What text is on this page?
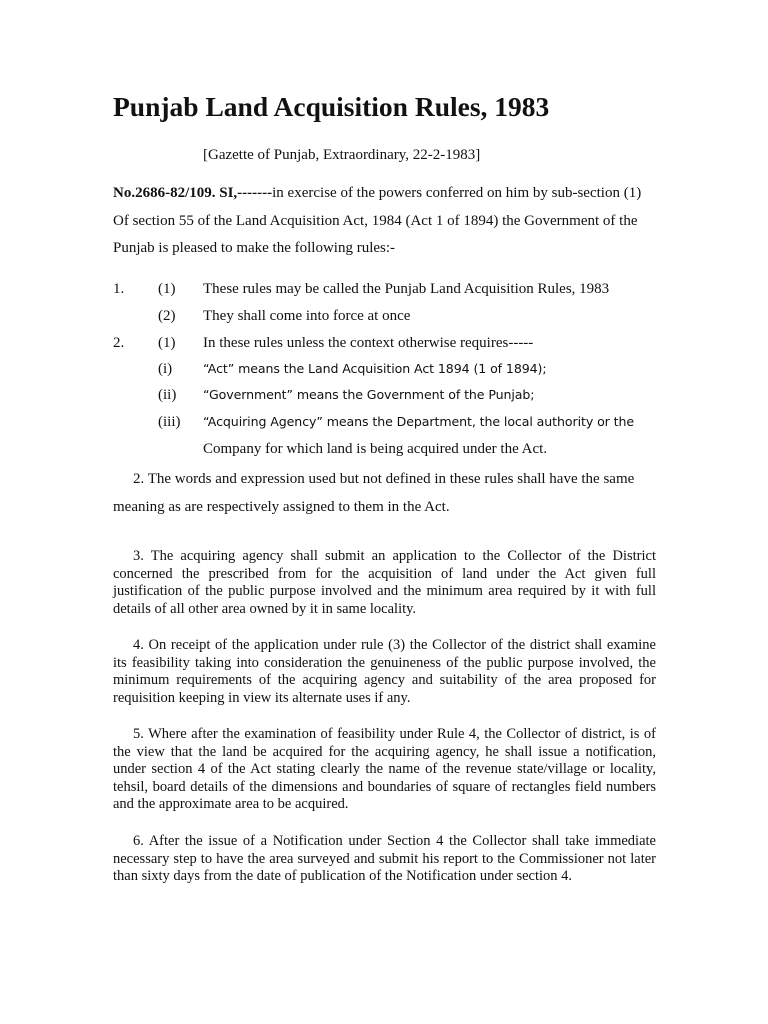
Punjab Land Acquisition Rules, 1983
[Gazette of Punjab, Extraordinary, 22-2-1983]
No.2686-82/109. SI,-------in exercise of the powers conferred on him by sub-section (1)
Of section 55 of the Land Acquisition Act, 1984 (Act 1 of 1894) the Government of the
Punjab is pleased to make the following rules:-
1. (1) These rules may be called the Punjab Land Acquisition Rules, 1983
(2) They shall come into force at once
2. (1) In these rules unless the context otherwise requires-----
(i) “Act” means the Land Acquisition Act 1894 (1 of 1894);
(ii) “Government” means the Government of the Punjab;
(iii) “Acquiring Agency” means the Department, the local authority or the
Company for which land is being acquired under the Act.
2. The words and expression used but not defined in these rules shall have the same
meaning as are respectively assigned to them in the Act.

3. The acquiring agency shall submit an application to the Collector of the District concerned the prescribed from for the acquisition of land under the Act given full justification of the public purpose involved and the minimum area required by it with full details of all other area owned by it in same locality.

4. On receipt of the application under rule (3) the Collector of the district shall examine its feasibility taking into consideration the genuineness of the public purpose involved, the minimum requirements of the acquiring agency and suitability of the area proposed for requisition keeping in view its alternate uses if any.

5. Where after the examination of feasibility under Rule 4, the Collector of district, is of the view that the land be acquired for the acquiring agency, he shall issue a notification, under section 4 of the Act stating clearly the name of the revenue state/village or locality, tehsil, board details of the dimensions and boundaries of square of rectangles field numbers and the approximate area to be acquired.

6. After the issue of a Notification under Section 4 the Collector shall take immediate necessary step to have the area surveyed and submit his report to the Commissioner not later than sixty days from the date of publication of the Notification under section 4.
